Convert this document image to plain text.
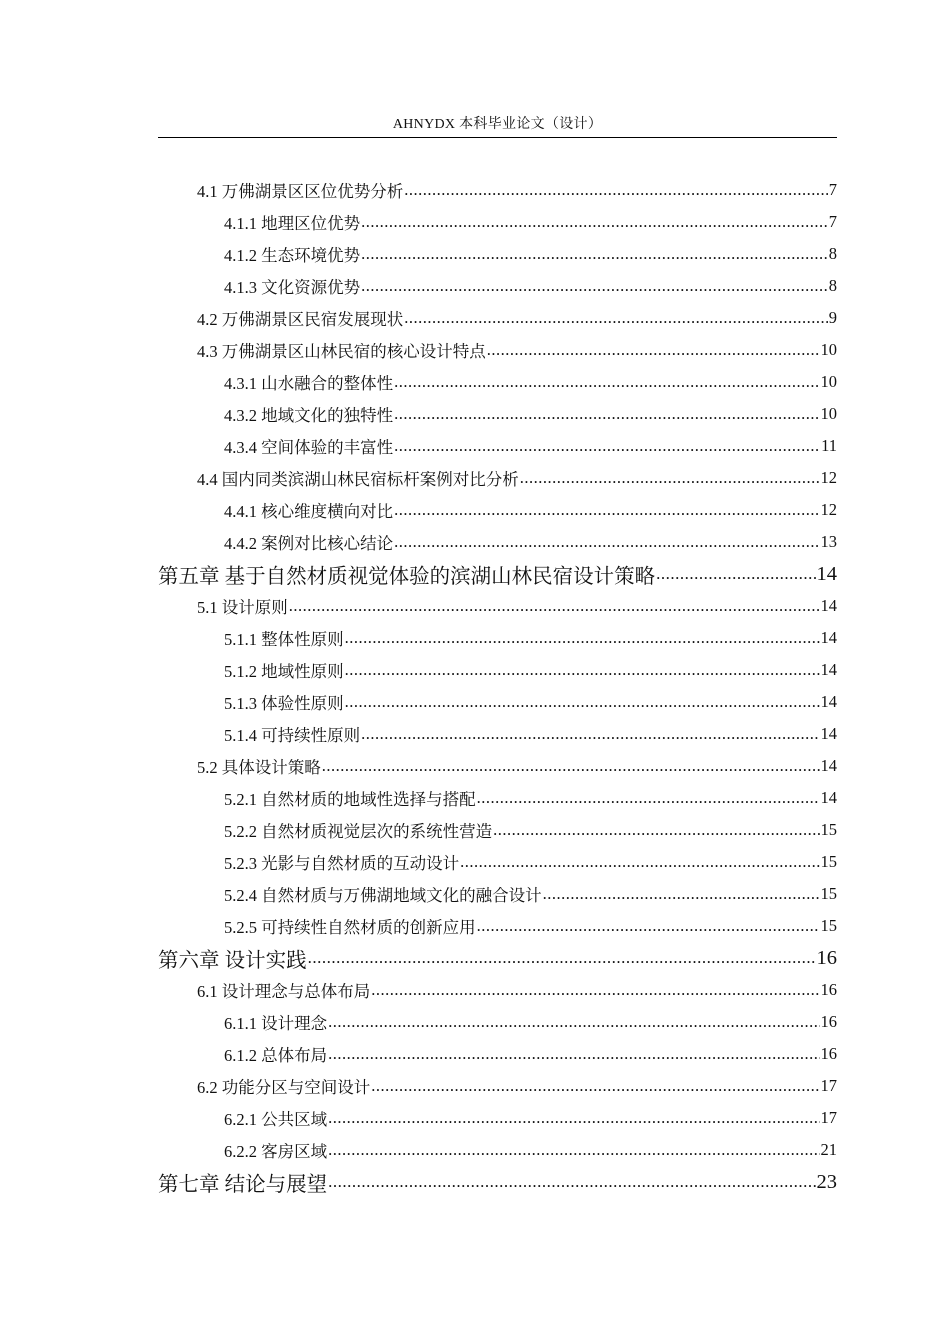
AHNYDX 本科毕业论文（设计）
4.1 万佛湖景区区位优势分析 .....	7
4.1.1 地理区位优势 .....	7
4.1.2 生态环境优势 .....	8
4.1.3 文化资源优势 .....	8
4.2 万佛湖景区民宿发展现状 .....	9
4.3 万佛湖景区山林民宿的核心设计特点 .....	10
4.3.1 山水融合的整体性 .....	10
4.3.2 地域文化的独特性 .....	10
4.3.4 空间体验的丰富性 .....	11
4.4 国内同类滨湖山林民宿标杆案例对比分析 .....	12
4.4.1 核心维度横向对比 .....	12
4.4.2 案例对比核心结论 .....	13
第五章 基于自然材质视觉体验的滨湖山林民宿设计策略 .....	14
5.1 设计原则 .....	14
5.1.1 整体性原则 .....	14
5.1.2 地域性原则 .....	14
5.1.3 体验性原则 .....	14
5.1.4 可持续性原则 .....	14
5.2 具体设计策略 .....	14
5.2.1 自然材质的地域性选择与搭配 .....	14
5.2.2 自然材质视觉层次的系统性营造 .....	15
5.2.3 光影与自然材质的互动设计 .....	15
5.2.4 自然材质与万佛湖地域文化的融合设计 .....	15
5.2.5 可持续性自然材质的创新应用 .....	15
第六章 设计实践 .....	16
6.1 设计理念与总体布局 .....	16
6.1.1 设计理念 .....	16
6.1.2 总体布局 .....	16
6.2 功能分区与空间设计 .....	17
6.2.1 公共区域 .....	17
6.2.2 客房区域 .....	21
第七章 结论与展望 .....	23
